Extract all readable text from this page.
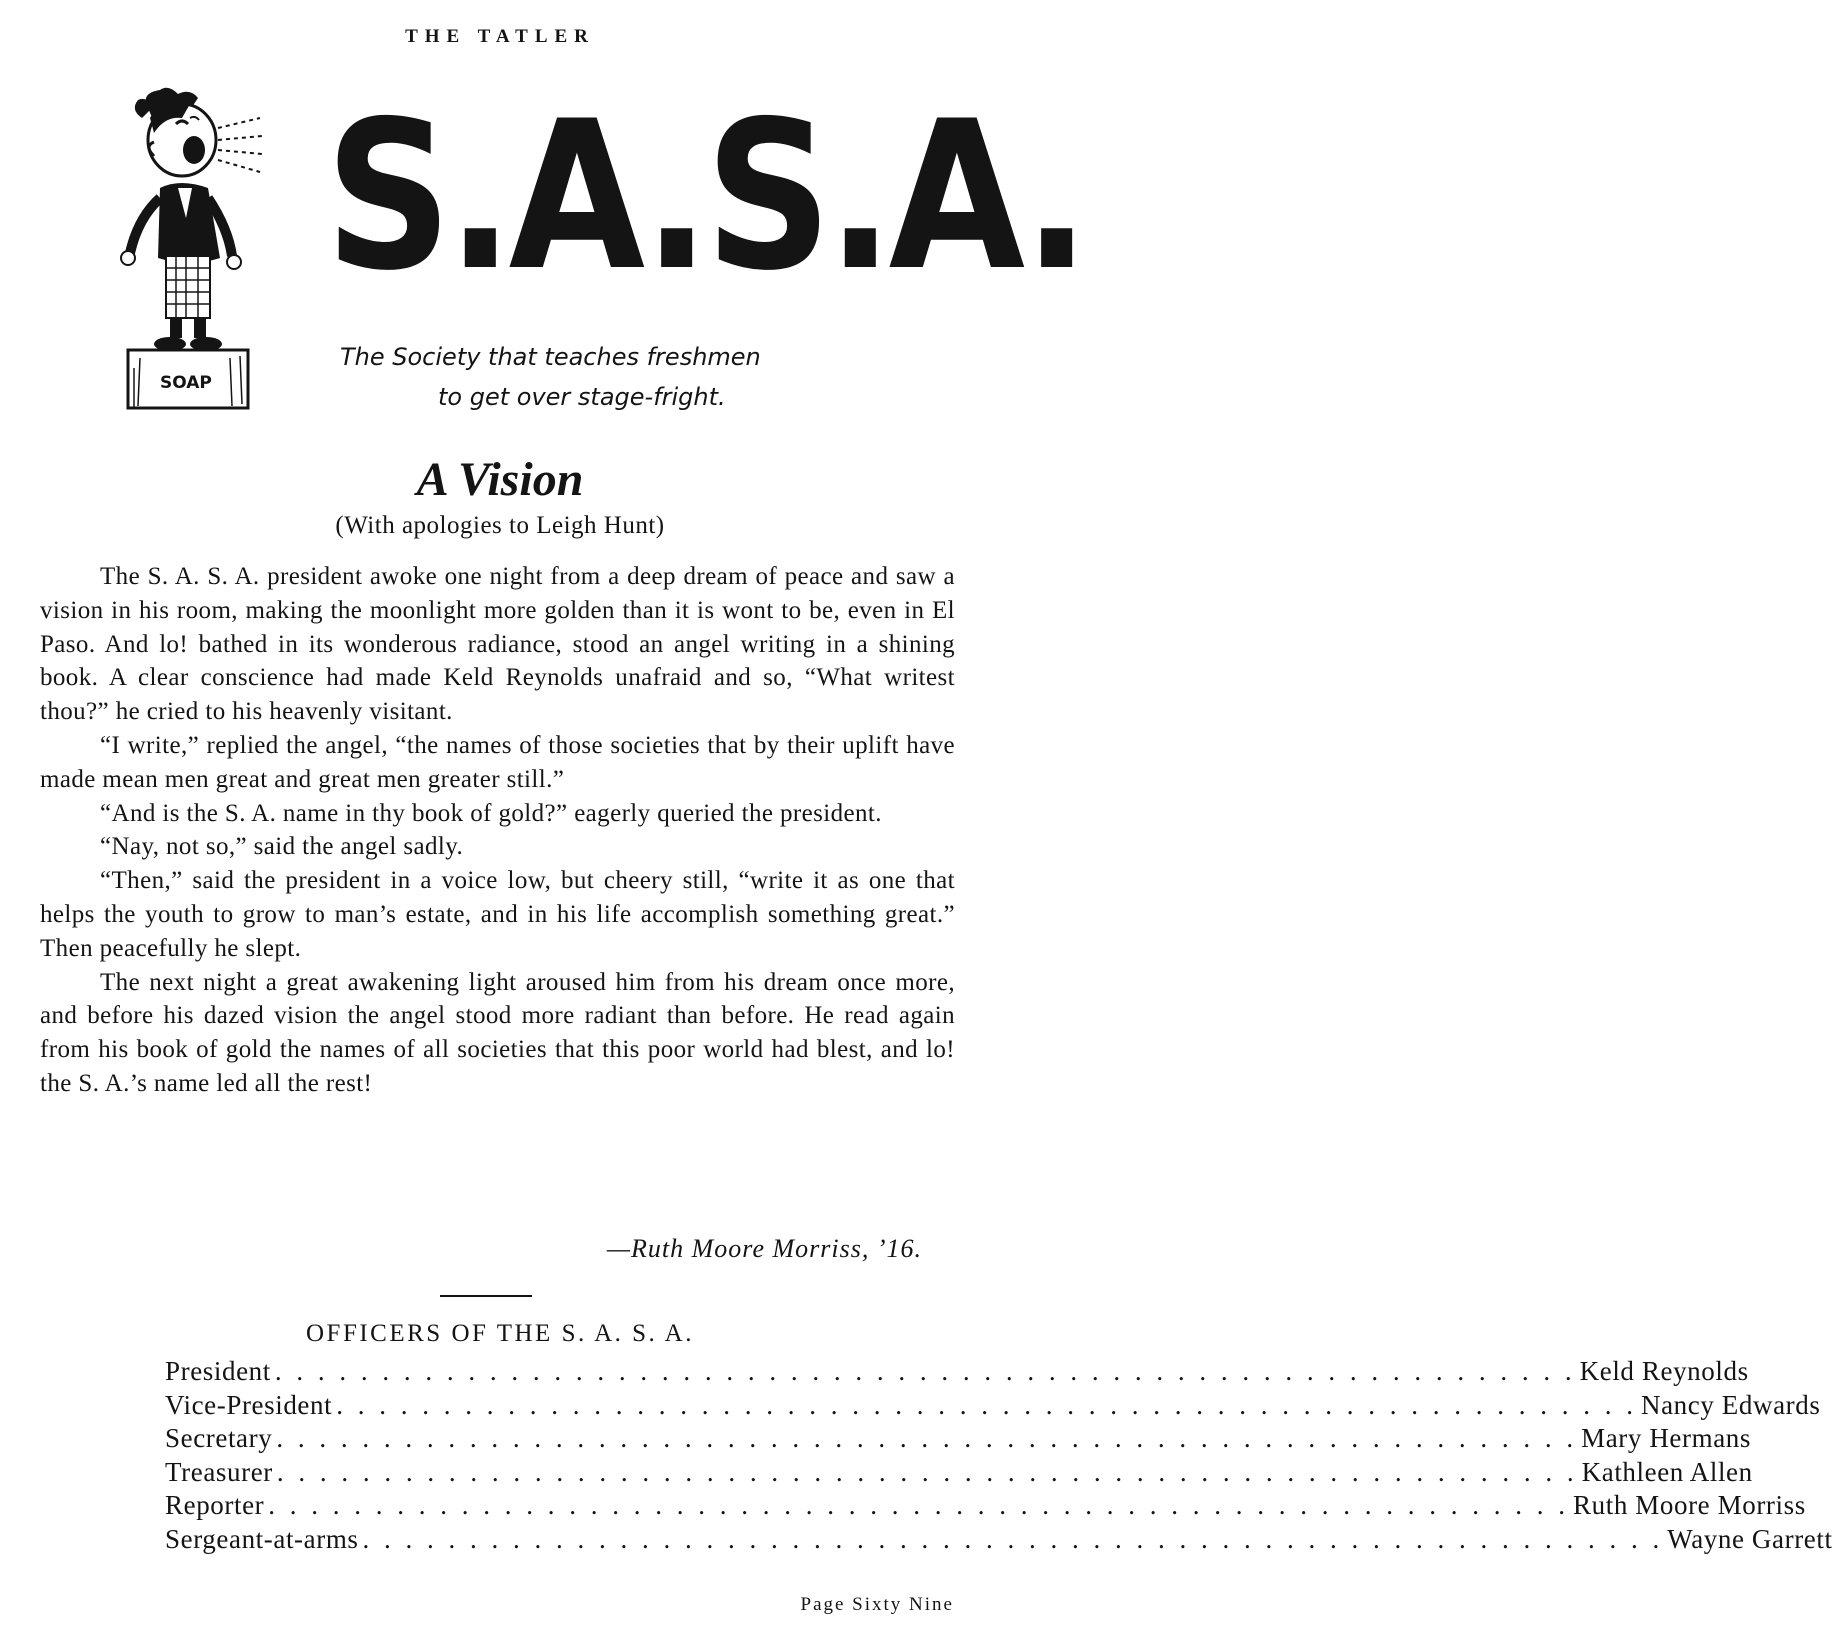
THE TATLER
SOAP
S.A.S.A.
The Society that teaches freshmen
to get over stage-fright.
A Vision
(With apologies to Leigh Hunt)

The S. A. S. A. president awoke one night from a deep dream of peace and saw a vision in his room, making the moonlight more golden than it is wont to be, even in El Paso. And lo! bathed in its wonderous radiance, stood an angel writing in a shining book. A clear conscience had made Keld Reynolds unafraid and so, “What writest thou?” he cried to his heavenly visitant.

“I write,” replied the angel, “the names of those societies that by their uplift have made mean men great and great men greater still.”

“And is the S. A. name in thy book of gold?” eagerly queried the president.

“Nay, not so,” said the angel sadly.

“Then,” said the president in a voice low, but cheery still, “write it as one that helps the youth to grow to man’s estate, and in his life accomplish something great.” Then peacefully he slept.

The next night a great awakening light aroused him from his dream once more, and before his dazed vision the angel stood more radiant than before. He read again from his book of gold the names of all societies that this poor world had blest, and lo! the S. A.’s name led all the rest!

—Ruth Moore Morriss, ’16.
OFFICERS OF THE S. A. S. A.
President . . .	Keld Reynolds
Vice-President . . .	Nancy Edwards
Secretary . . .	Mary Hermans
Treasurer . . .	Kathleen Allen
Reporter . . .	Ruth Moore Morriss
Sergeant-at-arms . . .	Wayne Garrett
Page Sixty Nine
